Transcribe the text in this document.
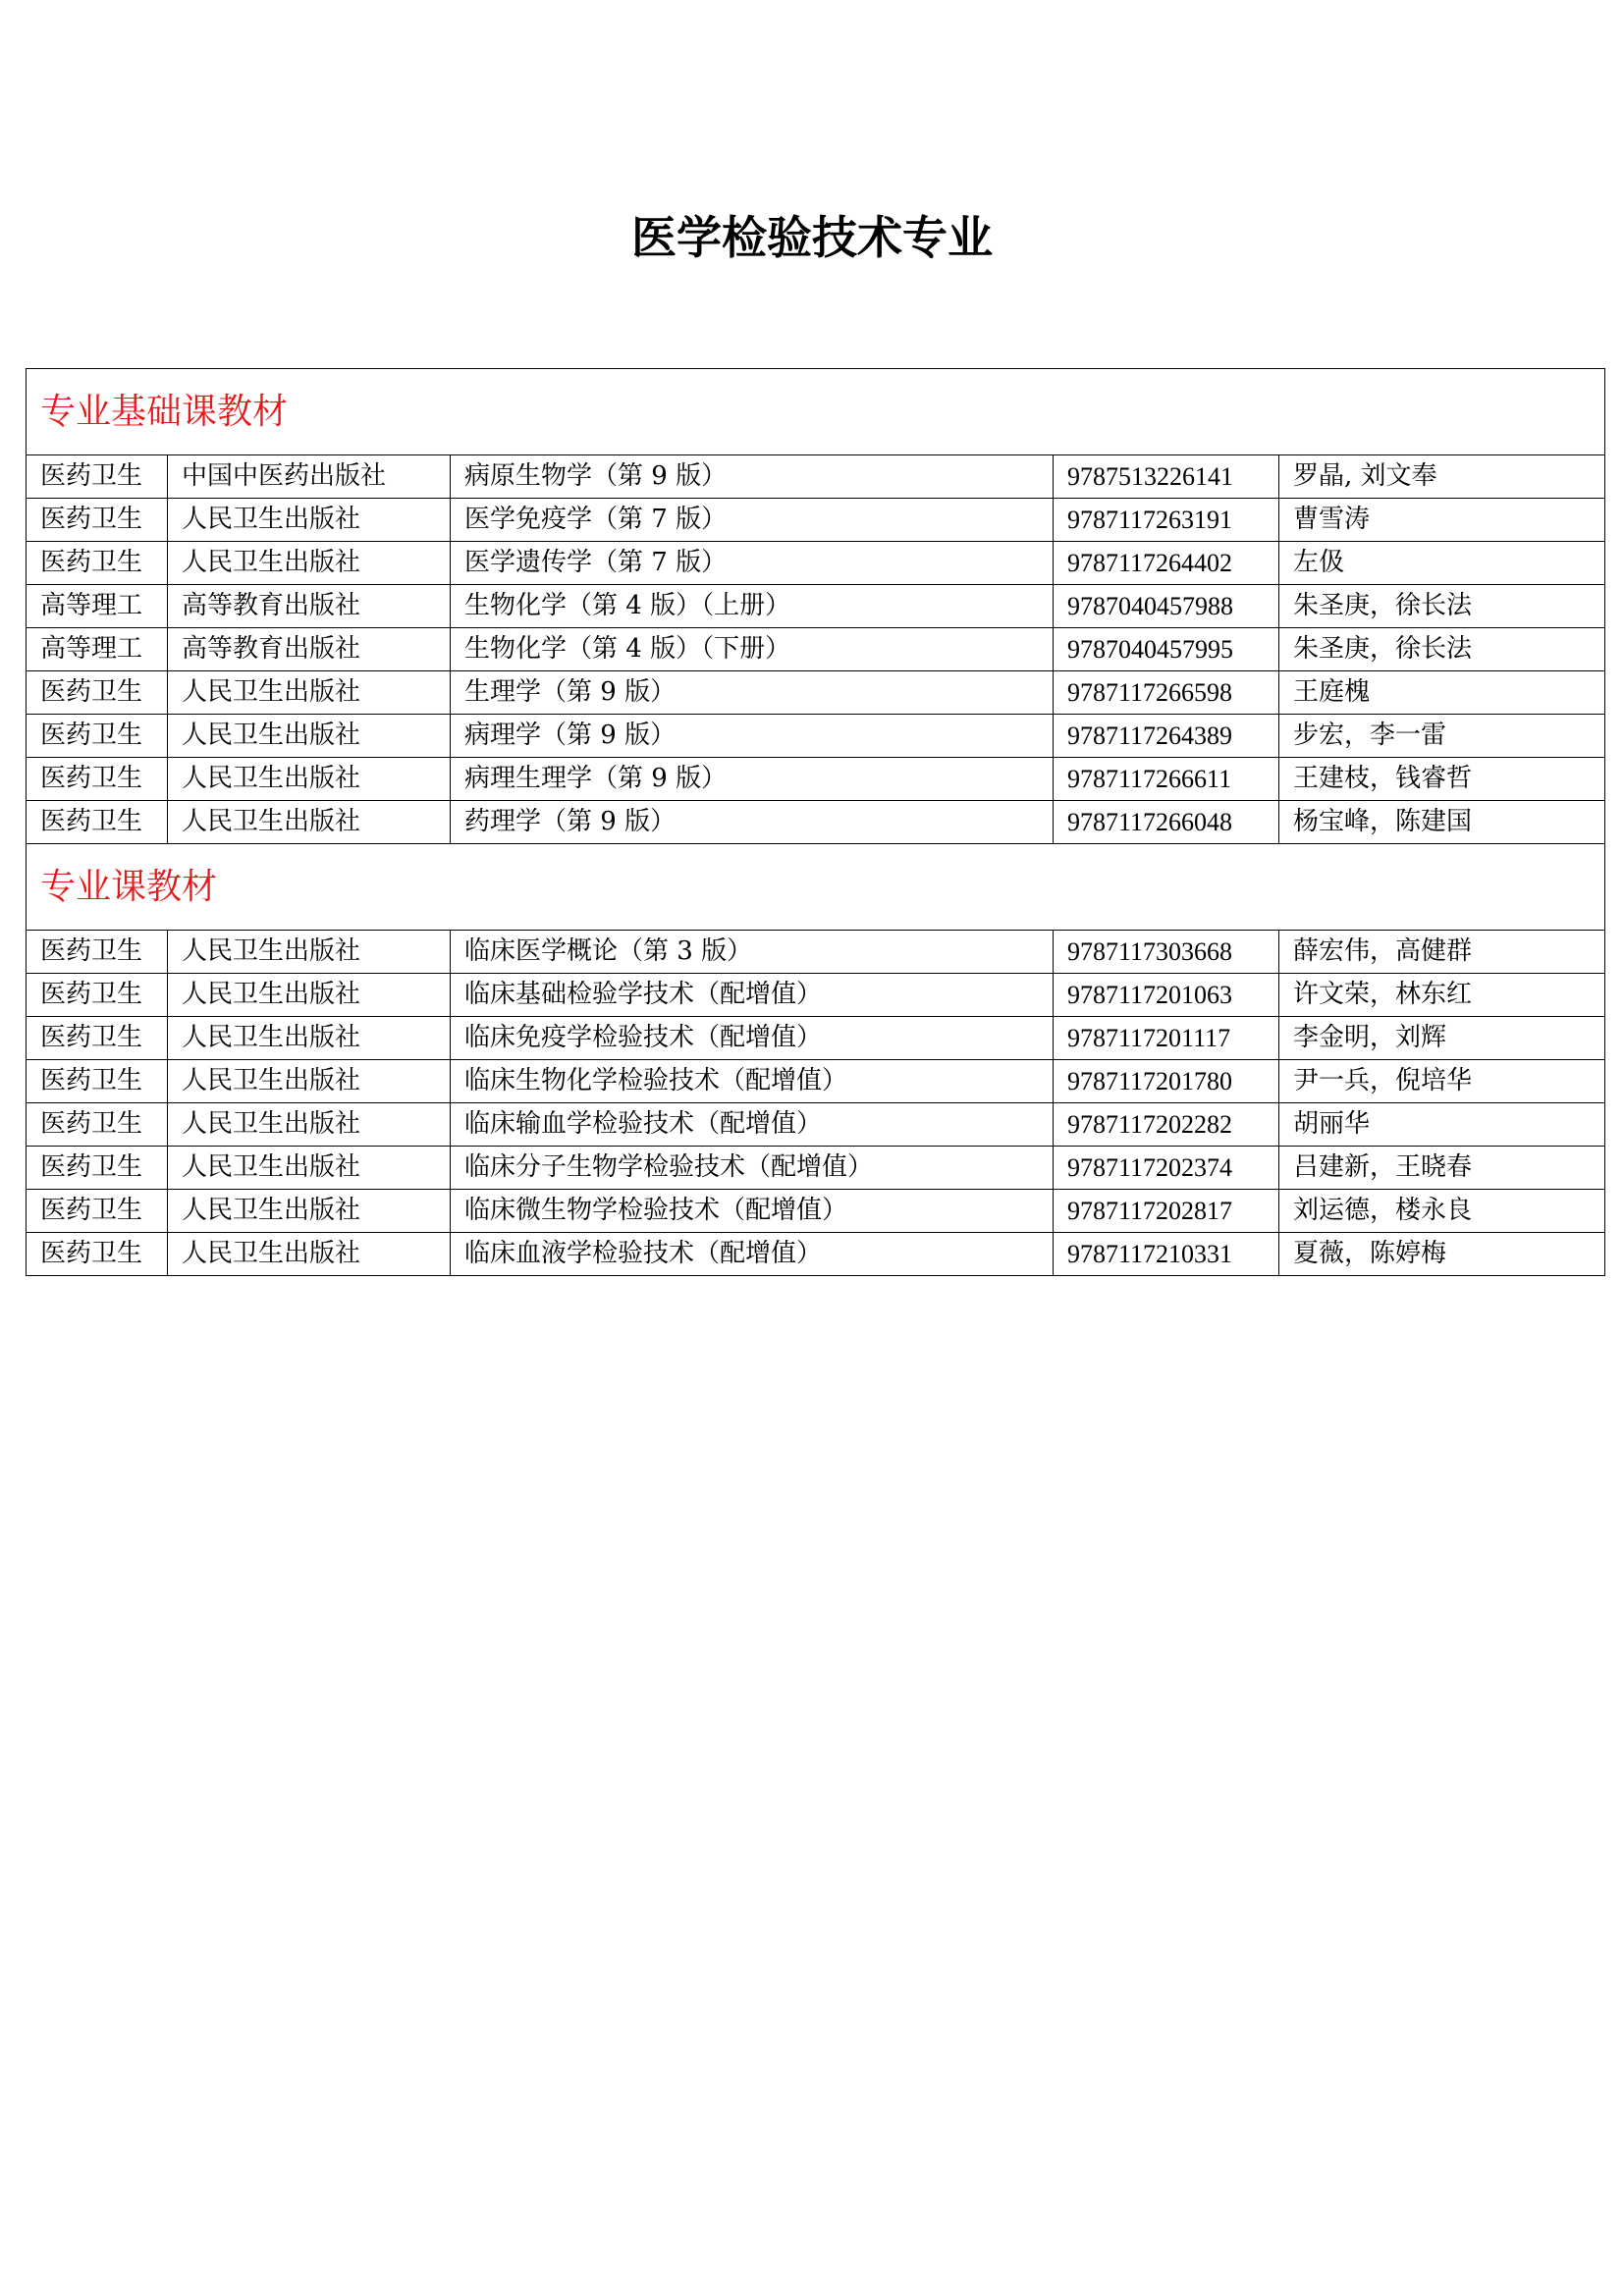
医学检验技术专业
专业基础课教材				
医药卫生	中国中医药出版社	病原生物学（第 9 版）	9787513226141	罗晶, 刘文奉
医药卫生	人民卫生出版社	医学免疫学（第 7 版）	9787117263191	曹雪涛
医药卫生	人民卫生出版社	医学遗传学（第 7 版）	9787117264402	左伋
高等理工	高等教育出版社	生物化学（第 4 版）（上册）	9787040457988	朱圣庚，徐长法
高等理工	高等教育出版社	生物化学（第 4 版）（下册）	9787040457995	朱圣庚，徐长法
医药卫生	人民卫生出版社	生理学（第 9 版）	9787117266598	王庭槐
医药卫生	人民卫生出版社	病理学（第 9 版）	9787117264389	步宏，李一雷
医药卫生	人民卫生出版社	病理生理学（第 9 版）	9787117266611	王建枝，钱睿哲
医药卫生	人民卫生出版社	药理学（第 9 版）	9787117266048	杨宝峰，陈建国
专业课教材				
医药卫生	人民卫生出版社	临床医学概论（第 3 版）	9787117303668	薛宏伟，高健群
医药卫生	人民卫生出版社	临床基础检验学技术（配增值）	9787117201063	许文荣，林东红
医药卫生	人民卫生出版社	临床免疫学检验技术（配增值）	9787117201117	李金明，刘辉
医药卫生	人民卫生出版社	临床生物化学检验技术（配增值）	9787117201780	尹一兵，倪培华
医药卫生	人民卫生出版社	临床输血学检验技术（配增值）	9787117202282	胡丽华
医药卫生	人民卫生出版社	临床分子生物学检验技术（配增值）	9787117202374	吕建新，王晓春
医药卫生	人民卫生出版社	临床微生物学检验技术（配增值）	9787117202817	刘运德，楼永良
医药卫生	人民卫生出版社	临床血液学检验技术（配增值）	9787117210331	夏薇，陈婷梅
